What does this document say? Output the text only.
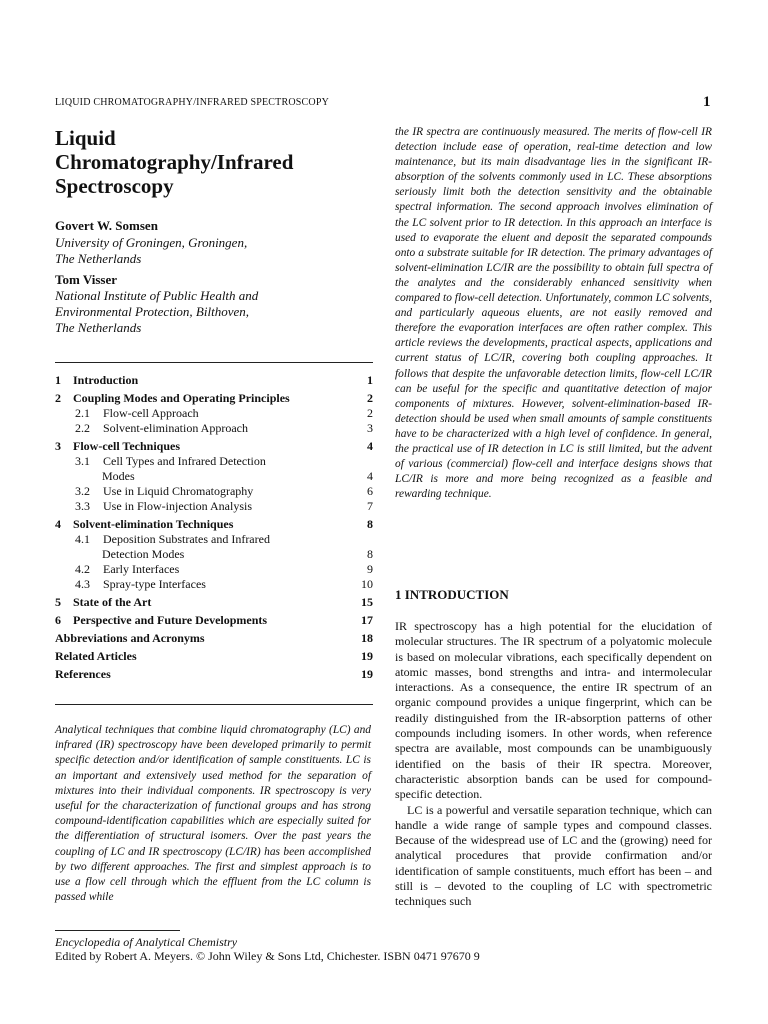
LIQUID CHROMATOGRAPHY/INFRARED SPECTROSCOPY	1
Liquid
Chromatography/Infrared
Spectroscopy
Govert W. Somsen
University of Groningen, Groningen,
The Netherlands
Tom Visser
National Institute of Public Health and
Environmental Protection, Bilthoven,
The Netherlands
1 Introduction	1
2 Coupling Modes and Operating Principles	2
2.1 Flow-cell Approach	2
2.2 Solvent-elimination Approach	3
3 Flow-cell Techniques	4
3.1 Cell Types and Infrared Detection
Modes	4
3.2 Use in Liquid Chromatography	6
3.3 Use in Flow-injection Analysis	7
4 Solvent-elimination Techniques	8
4.1 Deposition Substrates and Infrared
Detection Modes	8
4.2 Early Interfaces	9
4.3 Spray-type Interfaces	10
5 State of the Art	15
6 Perspective and Future Developments	17
Abbreviations and Acronyms	18
Related Articles	19
References	19
Analytical techniques that combine liquid chromatography (LC) and infrared (IR) spectroscopy have been developed primarily to permit specific detection and/or identification of sample constituents. LC is an important and extensively used method for the separation of mixtures into their individual components. IR spectroscopy is very useful for the characterization of functional groups and has strong compound-identification capabilities which are especially suited for the differentiation of structural isomers. Over the past years the coupling of LC and IR spectroscopy (LC/IR) has been accomplished by two different approaches. The first and simplest approach is to use a flow cell through which the effluent from the LC column is passed while
the IR spectra are continuously measured. The merits of flow-cell IR detection include ease of operation, real-time detection and low maintenance, but its main disadvantage lies in the significant IR-absorption of the solvents commonly used in LC. These absorptions seriously limit both the detection sensitivity and the obtainable spectral information. The second approach involves elimination of the LC solvent prior to IR detection. In this approach an interface is used to evaporate the eluent and deposit the separated compounds onto a substrate suitable for IR detection. The primary advantages of solvent-elimination LC/IR are the possibility to obtain full spectra of the analytes and the considerably enhanced sensitivity when compared to flow-cell detection. Unfortunately, common LC solvents, and particularly aqueous eluents, are not easily removed and therefore the evaporation interfaces are often rather complex. This article reviews the developments, practical aspects, applications and current status of LC/IR, covering both coupling approaches. It follows that despite the unfavorable detection limits, flow-cell LC/IR can be useful for the specific and quantitative detection of major components of mixtures. However, solvent-elimination-based IR-detection should be used when small amounts of sample constituents have to be characterized with a high level of confidence. In general, the practical use of IR detection in LC is still limited, but the advent of various (commercial) flow-cell and interface designs shows that LC/IR is more and more being recognized as a feasible and rewarding technique.
1 INTRODUCTION

IR spectroscopy has a high potential for the elucidation of molecular structures. The IR spectrum of a polyatomic molecule is based on molecular vibrations, each specifically dependent on atomic masses, bond strengths and intra- and intermolecular interactions. As a consequence, the entire IR spectrum of an organic compound provides a unique fingerprint, which can be readily distinguished from the IR-absorption patterns of other compounds including isomers. In other words, when reference spectra are available, most compounds can be unambiguously identified on the basis of their IR spectra. Moreover, characteristic absorption bands can be used for compound-specific detection.

LC is a powerful and versatile separation technique, which can handle a wide range of sample types and compound classes. Because of the widespread use of LC and the (growing) need for analytical procedures that provide confirmation and/or identification of sample constituents, much effort has been – and still is – devoted to the coupling of LC with spectrometric techniques such

Encyclopedia of Analytical Chemistry
Edited by Robert A. Meyers. © John Wiley & Sons Ltd, Chichester. ISBN 0471 97670 9
